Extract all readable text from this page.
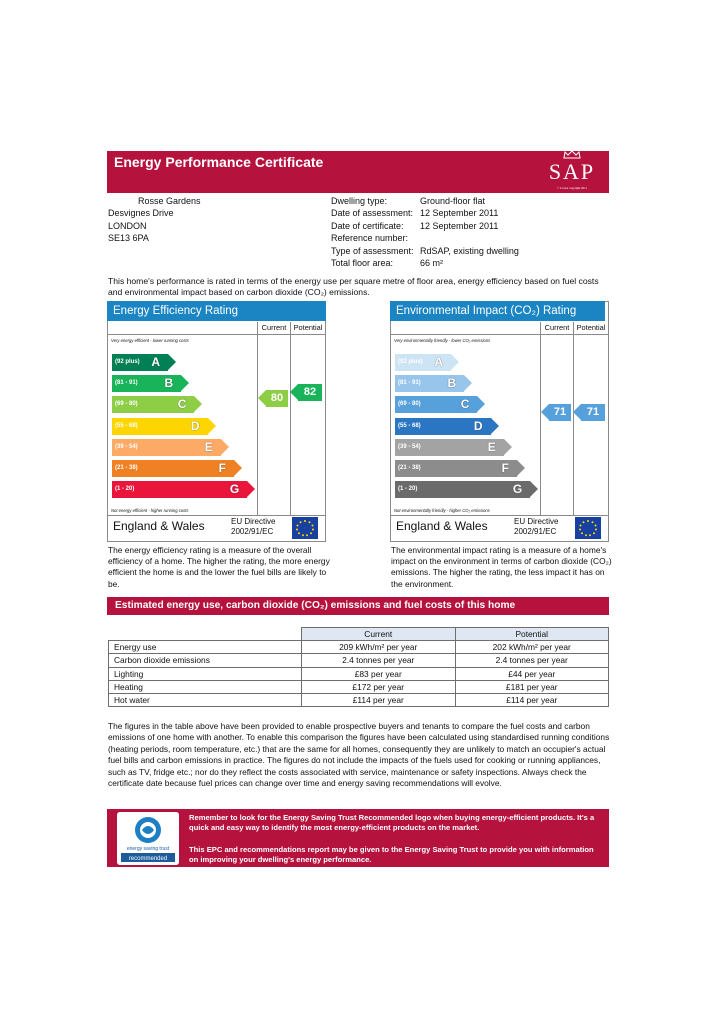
Energy Performance Certificate	SAP
© Crown copyright 2011
Rosse Gardens
Desvignes Drive
LONDON
SE13 6PA
Dwelling type:	Ground-floor flat
Date of assessment: 12 September 2011
Date of certificate: 12 September 2011
Reference number:
Type of assessment: RdSAP, existing dwelling
Total floor area:	66 m²
This home's performance is rated in terms of the energy use per square metre of floor area, energy efficiency based on fuel costs and environmental impact based on carbon dioxide (CO₂) emissions.
Current Potential
Very energy efficient - lower running costs
Not energy efficient - higher running costs
(92 plus) A
(81 - 91) B
(69 - 80)	C
(55 - 68)	D
(39 - 54)	E
(21 - 38)	F
(1 - 20)	G
80	82
England & Wales	EU Directive
2002/91/EC
Energy Efficiency Rating
The energy efficiency rating is a measure of the overall efficiency of a home. The higher the rating, the more energy efficient the home is and the lower the fuel bills are likely to be.
Current Potential
Very environmentally friendly - lower CO₂ emissions
Not environmentally friendly - higher CO₂ emissions
(92 plus) A
(81 - 91) B
(69 - 80)	C
(55 - 68)	D
(39 - 54)	E
(21 - 38)	F
(1 - 20)	G
71	71
England & Wales	EU Directive
2002/91/EC
Environmental Impact (CO₂) Rating
The environmental impact rating is a measure of a home's impact on the environment in terms of carbon dioxide (CO₂) emissions. The higher the rating, the less impact it has on the environment.
Estimated energy use, carbon dioxide (CO₂) emissions and fuel costs of this home
	Current	Potential
Energy use	209 kWh/m² per year	202 kWh/m² per year
Carbon dioxide emissions	2.4 tonnes per year	2.4 tonnes per year
Lighting	£83 per year	£44 per year
Heating	£172 per year	£181 per year
Hot water	£114 per year	£114 per year
The figures in the table above have been provided to enable prospective buyers and tenants to compare the fuel costs and carbon emissions of one home with another. To enable this comparison the figures have been calculated using standardised running conditions (heating periods, room temperature, etc.) that are the same for all homes, consequently they are unlikely to match an occupier's actual fuel bills and carbon emissions in practice. The figures do not include the impacts of the fuels used for cooking or running appliances, such as TV, fridge etc.; nor do they reflect the costs associated with service, maintenance or safety inspections. Always check the certificate date because fuel prices can change over time and energy saving recommendations will evolve.
energy saving trust
recommended
Remember to look for the Energy Saving Trust Recommended logo when buying energy-efficient products. It's a quick and easy way to identify the most energy-efficient products on the market.
This EPC and recommendations report may be given to the Energy Saving Trust to provide you with information on improving your dwelling's energy performance.
